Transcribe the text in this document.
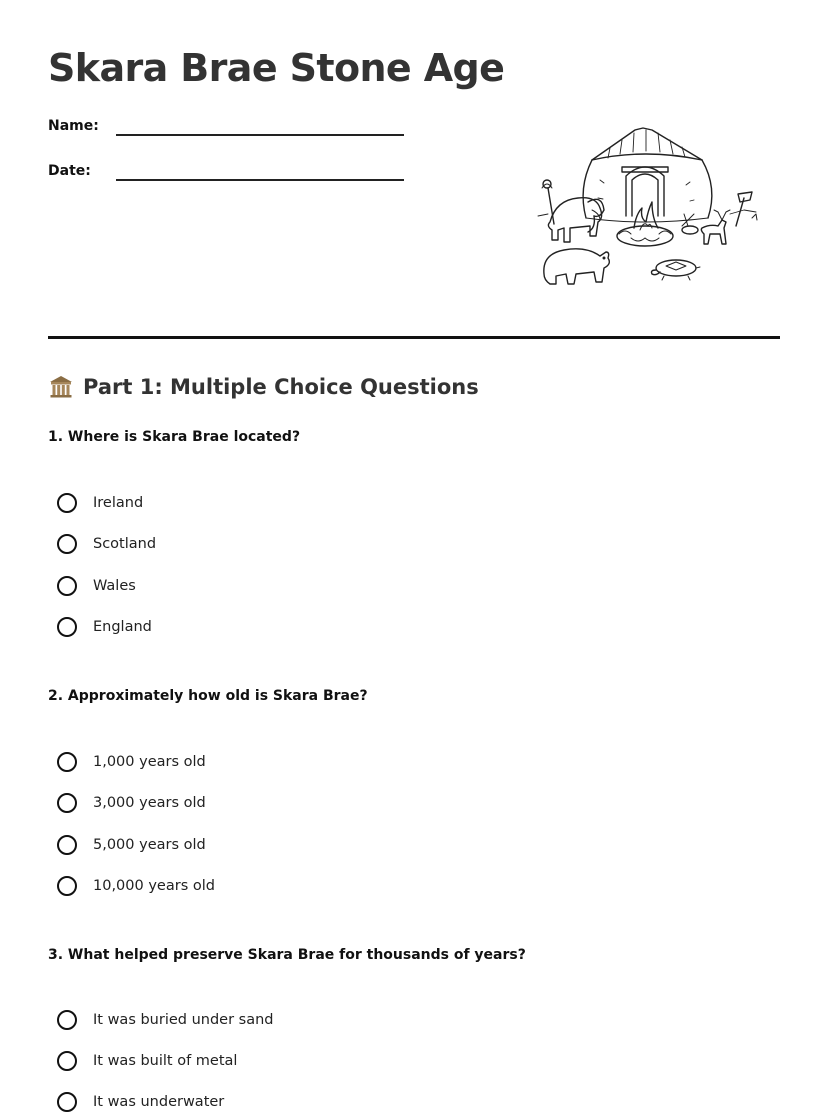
Skara Brae Stone Age
Name:
Date:
Part 1: Multiple Choice Questions

1. Where is Skara Brae located?

Ireland
Scotland
Wales
England

2. Approximately how old is Skara Brae?

1,000 years old
3,000 years old
5,000 years old
10,000 years old

3. What helped preserve Skara Brae for thousands of years?

It was buried under sand
It was built of metal
It was underwater
